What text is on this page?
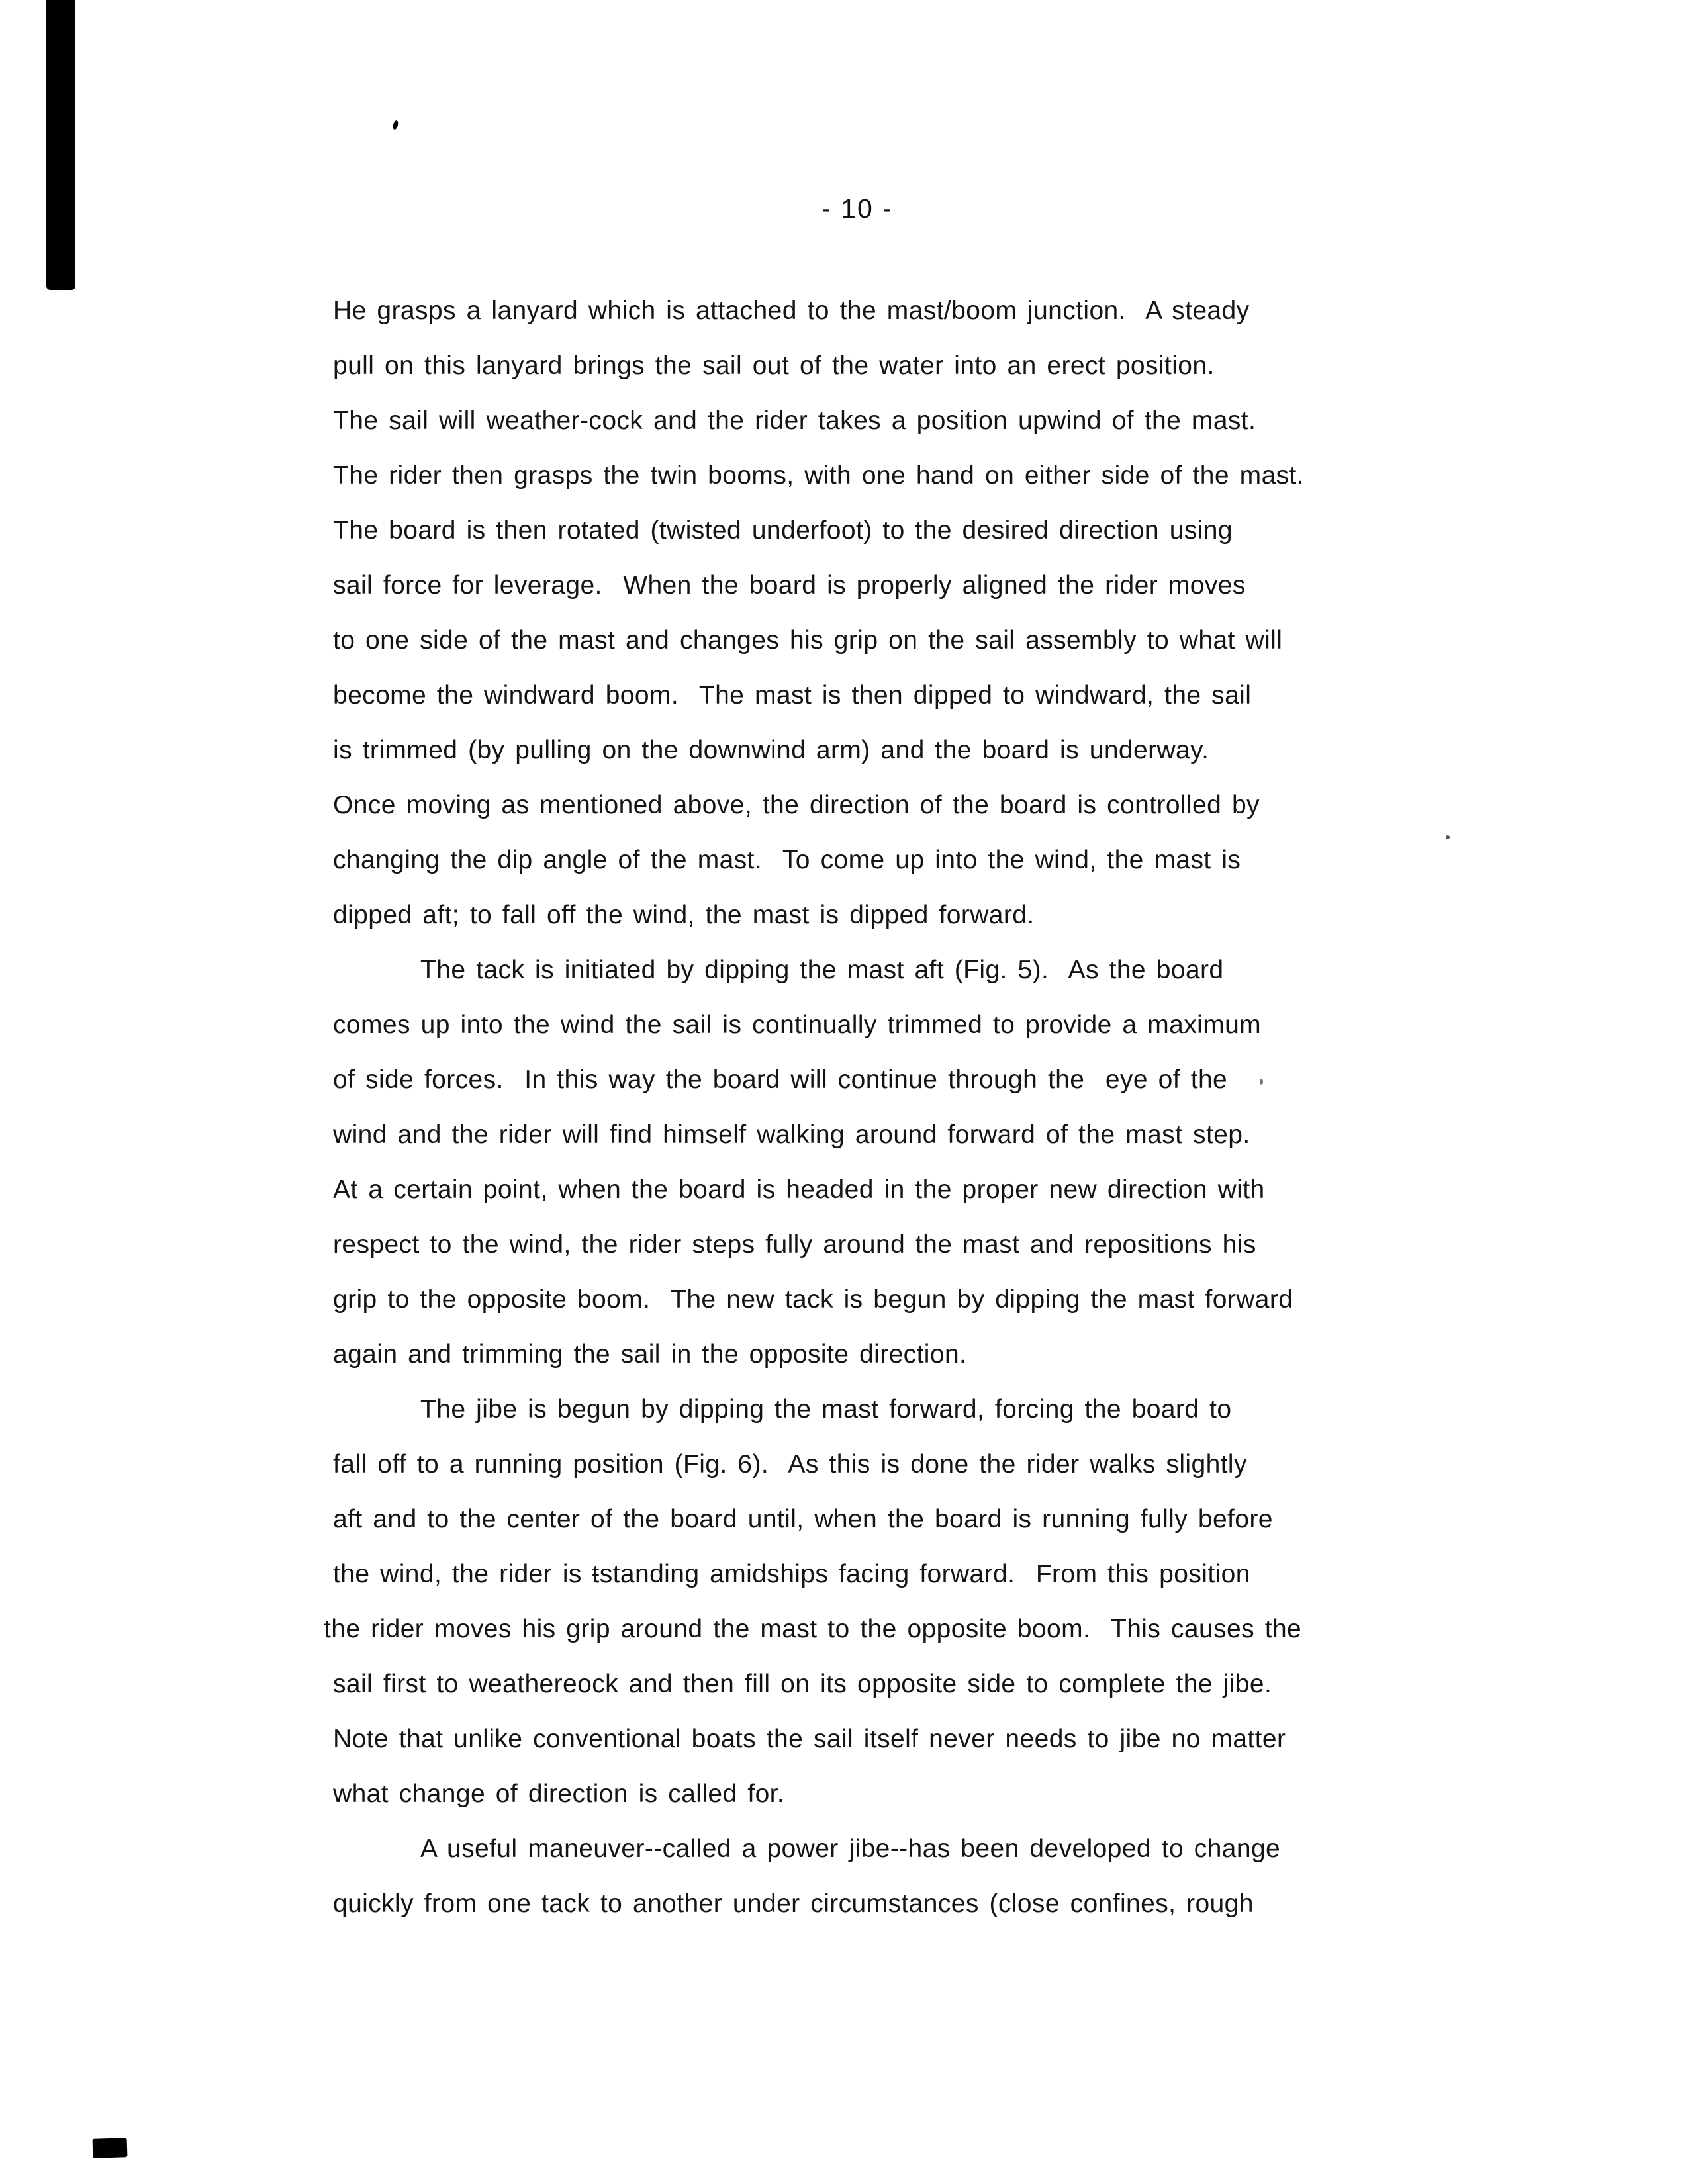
- 10 -

He grasps a lanyard which is attached to the mast/boom junction.  A steady

pull on this lanyard brings the sail out of the water into an erect position.

The sail will weather-cock and the rider takes a position upwind of the mast.

The rider then grasps the twin booms, with one hand on either side of the mast.

The board is then rotated (twisted underfoot) to the desired direction using

sail force for leverage.  When the board is properly aligned the rider moves

to one side of the mast and changes his grip on the sail assembly to what will

become the windward boom.  The mast is then dipped to windward, the sail

is trimmed (by pulling on the downwind arm) and the board is underway.

Once moving as mentioned above, the direction of the board is controlled by

changing the dip angle of the mast.  To come up into the wind, the mast is

dipped aft; to fall off the wind, the mast is dipped forward.

The tack is initiated by dipping the mast aft (Fig. 5).  As the board

comes up into the wind the sail is continually trimmed to provide a maximum

of side forces.  In this way the board will continue through the  eye of the

wind and the rider will find himself walking around forward of the mast step.

At a certain point, when the board is headed in the proper new direction with

respect to the wind, the rider steps fully around the mast and repositions his

grip to the opposite boom.  The new tack is begun by dipping the mast forward

again and trimming the sail in the opposite direction.

The jibe is begun by dipping the mast forward, forcing the board to

fall off to a running position (Fig. 6).  As this is done the rider walks slightly

aft and to the center of the board until, when the board is running fully before

the wind, the rider is ŧstanding amidships facing forward.  From this position

the rider moves his grip around the mast to the opposite boom.  This causes the

sail first to weathereock and then fill on its opposite side to complete the jibe.

Note that unlike conventional boats the sail itself never needs to jibe no matter

what change of direction is called for.

A useful maneuver--called a power jibe--has been developed to change

quickly from one tack to another under circumstances (close confines, rough
